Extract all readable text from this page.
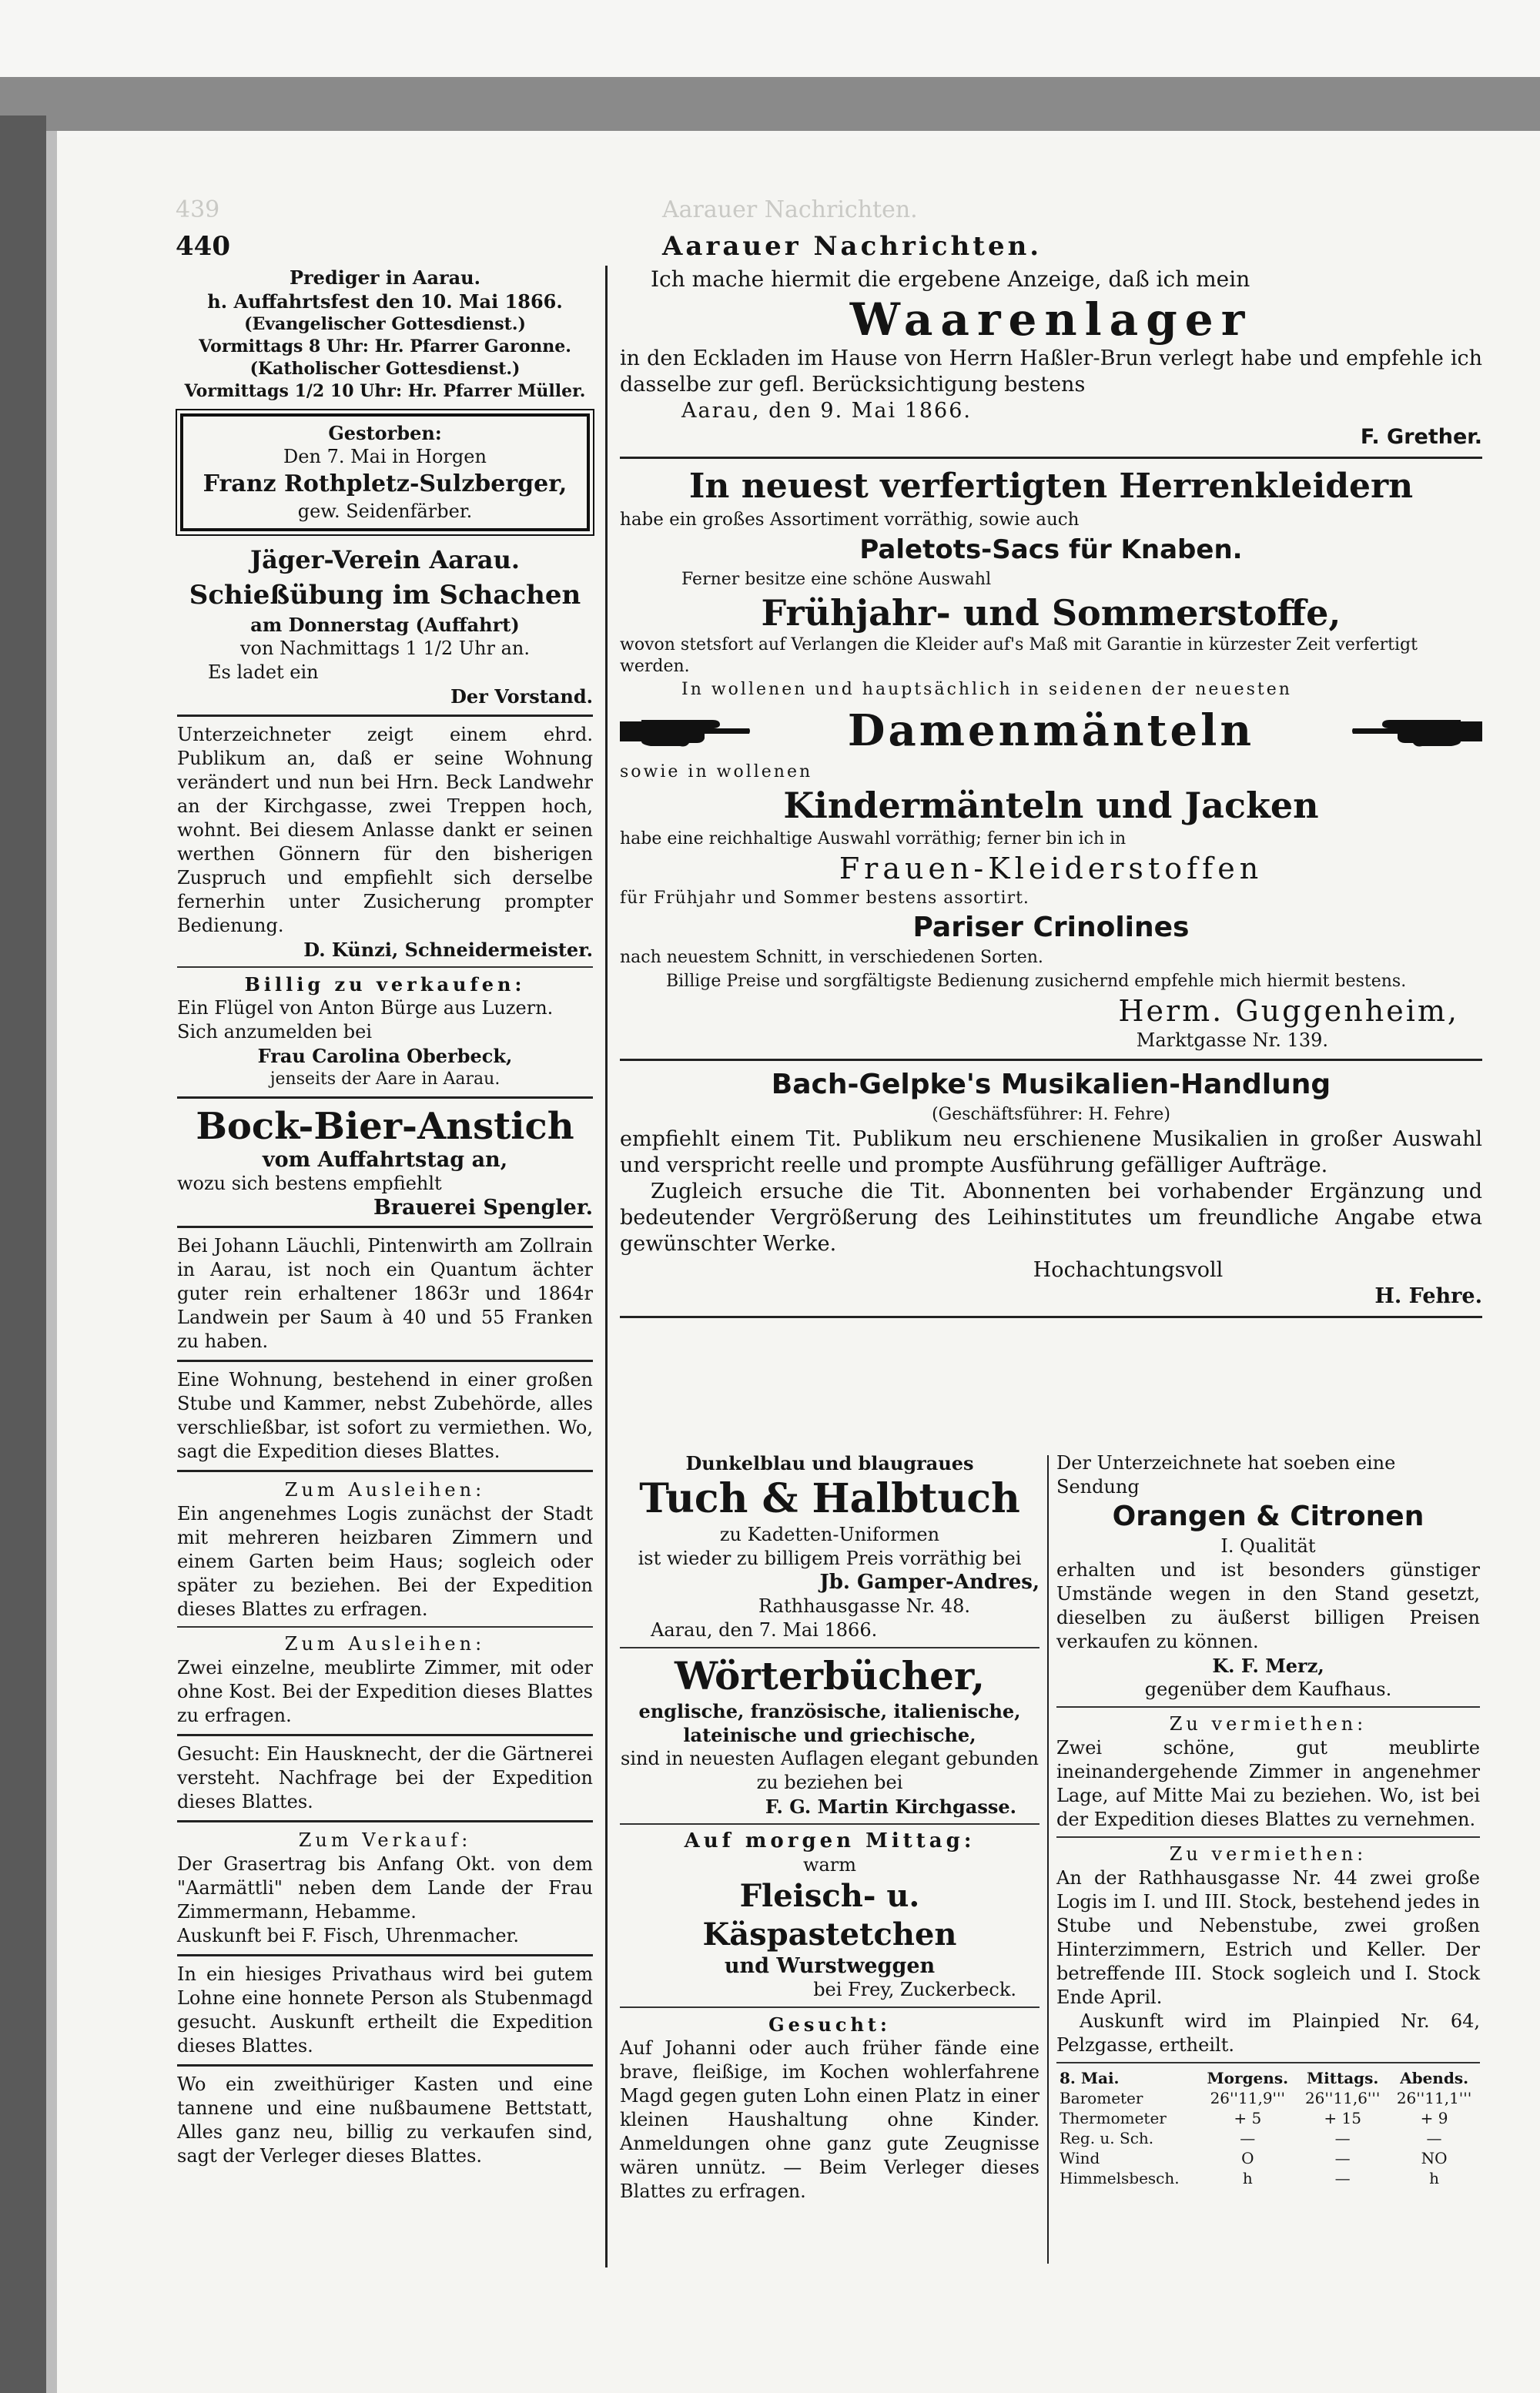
Aarauer Nachrichten.
439
440	Aarauer Nachrichten.

Prediger in Aarau.

h. Auffahrtsfest den 10. Mai 1866.

(Evangelischer Gottesdienst.)

Vormittags 8 Uhr: Hr. Pfarrer Garonne.

(Katholischer Gottesdienst.)

Vormittags 1/2 10 Uhr: Hr. Pfarrer Müller.

Gestorben:

Den 7. Mai in Horgen

Franz Rothpletz-Sulzberger,

gew. Seidenfärber.

Jäger-Verein Aarau.

Schießübung im Schachen

am Donnerstag (Auffahrt)

von Nachmittags 1 1/2 Uhr an.

Es ladet ein

Der Vorstand.

Unterzeichneter zeigt einem ehrd. Publikum an, daß er seine Wohnung verändert und nun bei Hrn. Beck Landwehr an der Kirchgasse, zwei Treppen hoch, wohnt. Bei diesem Anlasse dankt er seinen werthen Gönnern für den bisherigen Zuspruch und empfiehlt sich derselbe fernerhin unter Zusicherung prompter Bedienung.

D. Künzi, Schneidermeister.

Billig zu verkaufen:

Ein Flügel von Anton Bürge aus Luzern. Sich anzumelden bei

Frau Carolina Oberbeck,

jenseits der Aare in Aarau.

Bock-Bier-Anstich

vom Auffahrtstag an,

wozu sich bestens empfiehlt

Brauerei Spengler.

Bei Johann Läuchli, Pintenwirth am Zollrain in Aarau, ist noch ein Quantum ächter guter rein erhaltener 1863r und 1864r Landwein per Saum à 40 und 55 Franken zu haben.

Eine Wohnung, bestehend in einer großen Stube und Kammer, nebst Zubehörde, alles verschließbar, ist sofort zu vermiethen. Wo, sagt die Expedition dieses Blattes.

Zum Ausleihen:

Ein angenehmes Logis zunächst der Stadt mit mehreren heizbaren Zimmern und einem Garten beim Haus; sogleich oder später zu beziehen. Bei der Expedition dieses Blattes zu erfragen.

Zum Ausleihen:

Zwei einzelne, meublirte Zimmer, mit oder ohne Kost. Bei der Expedition dieses Blattes zu erfragen.

Gesucht: Ein Hausknecht, der die Gärtnerei versteht. Nachfrage bei der Expedition dieses Blattes.

Zum Verkauf:

Der Grasertrag bis Anfang Okt. von dem "Aarmättli" neben dem Lande der Frau Zimmermann, Hebamme.

Auskunft bei F. Fisch, Uhrenmacher.

In ein hiesiges Privathaus wird bei gutem Lohne eine honnete Person als Stubenmagd gesucht. Auskunft ertheilt die Expedition dieses Blattes.

Wo ein zweithüriger Kasten und eine tannene und eine nußbaumene Bettstatt, Alles ganz neu, billig zu verkaufen sind, sagt der Verleger dieses Blattes.

Ich mache hiermit die ergebene Anzeige, daß ich mein

Waarenlager

in den Eckladen im Hause von Herrn Haßler-Brun verlegt habe und empfehle ich dasselbe zur gefl. Berücksichtigung bestens

Aarau, den 9. Mai 1866.

F. Grether.

In neuest verfertigten Herrenkleidern

habe ein großes Assortiment vorräthig, sowie auch

Paletots-Sacs für Knaben.

Ferner besitze eine schöne Auswahl

Frühjahr- und Sommerstoffe,

wovon stetsfort auf Verlangen die Kleider auf's Maß mit Garantie in kürzester Zeit verfertigt werden.

In wollenen und hauptsächlich in seidenen der neuesten

Damenmänteln

sowie in wollenen

Kindermänteln und Jacken

habe eine reichhaltige Auswahl vorräthig; ferner bin ich in

Frauen-Kleiderstoffen

für Frühjahr und Sommer bestens assortirt.

Pariser Crinolines

nach neuestem Schnitt, in verschiedenen Sorten.

Billige Preise und sorgfältigste Bedienung zusichernd empfehle mich hiermit bestens.

Herm. Guggenheim,

Marktgasse Nr. 139.

Bach-Gelpke's Musikalien-Handlung

(Geschäftsführer: H. Fehre)

empfiehlt einem Tit. Publikum neu erschienene Musikalien in großer Auswahl und verspricht reelle und prompte Ausführung gefälliger Aufträge.

Zugleich ersuche die Tit. Abonnenten bei vorhabender Ergänzung und bedeutender Vergrößerung des Leihinstitutes um freundliche Angabe etwa gewünschter Werke.

Hochachtungsvoll

H. Fehre.

Dunkelblau und blaugraues

Tuch & Halbtuch

zu Kadetten-Uniformen

ist wieder zu billigem Preis vorräthig bei

Jb. Gamper-Andres,

Rathhausgasse Nr. 48.

Aarau, den 7. Mai 1866.

Wörterbücher,

englische, französische, italienische, lateinische und griechische,

sind in neuesten Auflagen elegant gebunden zu beziehen bei

F. G. Martin Kirchgasse.

Auf morgen Mittag:

warm

Fleisch- u. Käspastetchen

und Wurstweggen

bei Frey, Zuckerbeck.

Gesucht:

Auf Johanni oder auch früher fände eine brave, fleißige, im Kochen wohlerfahrene Magd gegen guten Lohn einen Platz in einer kleinen Haushaltung ohne Kinder. Anmeldungen ohne ganz gute Zeugnisse wären unnütz. — Beim Verleger dieses Blattes zu erfragen.

Der Unterzeichnete hat soeben eine Sendung

Orangen & Citronen

I. Qualität

erhalten und ist besonders günstiger Umstände wegen in den Stand gesetzt, dieselben zu äußerst billigen Preisen verkaufen zu können.

K. F. Merz,

gegenüber dem Kaufhaus.

Zu vermiethen:

Zwei schöne, gut meublirte ineinandergehende Zimmer in angenehmer Lage, auf Mitte Mai zu beziehen. Wo, ist bei der Expedition dieses Blattes zu vernehmen.

Zu vermiethen:

An der Rathhausgasse Nr. 44 zwei große Logis im I. und III. Stock, bestehend jedes in Stube und Nebenstube, zwei großen Hinterzimmern, Estrich und Keller. Der betreffende III. Stock sogleich und I. Stock Ende April.

Auskunft wird im Plainpied Nr. 64, Pelzgasse, ertheilt.

8. Mai.	Morgens.	Mittags.	Abends.
Barometer	26''11,9'''	26''11,6'''	26''11,1'''
Thermometer	+ 5	+ 15	+ 9
Reg. u. Sch.	—	—	—
Wind	O	—	NO
Himmelsbesch.	h	—	h
